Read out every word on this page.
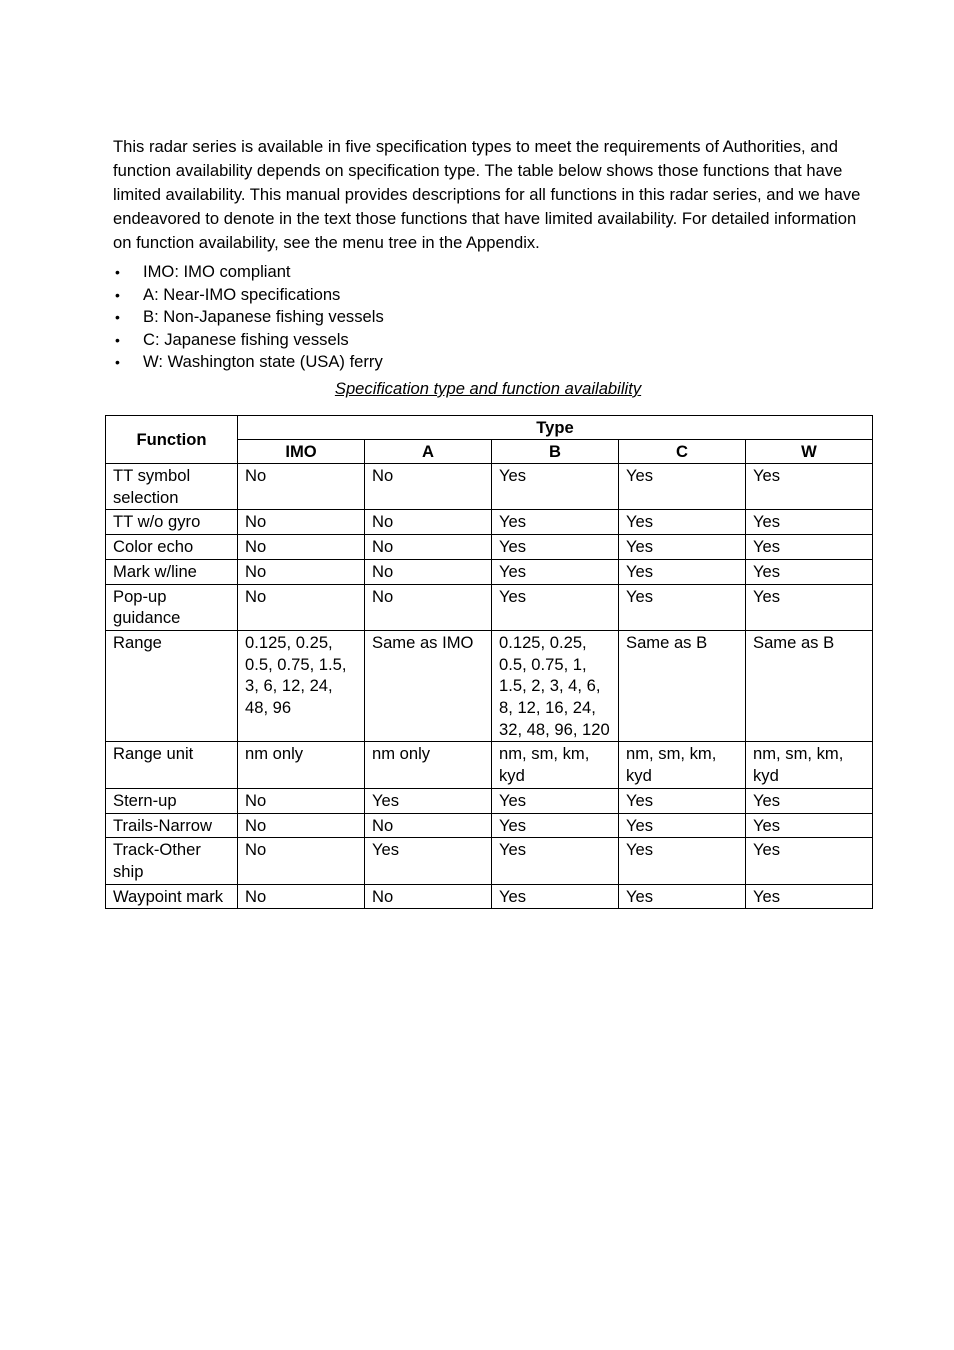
This radar series is available in five specification types to meet the requirements of Authorities, and function availability depends on specification type. The table below shows those functions that have limited availability. This manual provides descriptions for all functions in this radar series, and we have endeavored to denote in the text those functions that have limited availability. For detailed information on function availability, see the menu tree in the Appendix.

• IMO: IMO compliant
• A: Near-IMO specifications
• B: Non-Japanese fishing vessels
• C: Japanese fishing vessels
• W: Washington state (USA) ferry
Specification type and function availability
Function	Type				
	IMO	A	B	C	W
TT symbol selection	No	No	Yes	Yes	Yes
TT w/o gyro	No	No	Yes	Yes	Yes
Color echo	No	No	Yes	Yes	Yes
Mark w/line	No	No	Yes	Yes	Yes
Pop-up guidance	No	No	Yes	Yes	Yes
Range	0.125, 0.25, 0.5, 0.75, 1.5, 3, 6, 12, 24, 48, 96	Same as IMO	0.125, 0.25, 0.5, 0.75, 1, 1.5, 2, 3, 4, 6, 8, 12, 16, 24, 32, 48, 96, 120	Same as B	Same as B
Range unit	nm only	nm only	nm, sm, km, kyd	nm, sm, km, kyd	nm, sm, km, kyd
Stern-up	No	Yes	Yes	Yes	Yes
Trails-Narrow	No	No	Yes	Yes	Yes
Track-Other ship	No	Yes	Yes	Yes	Yes
Waypoint mark	No	No	Yes	Yes	Yes
